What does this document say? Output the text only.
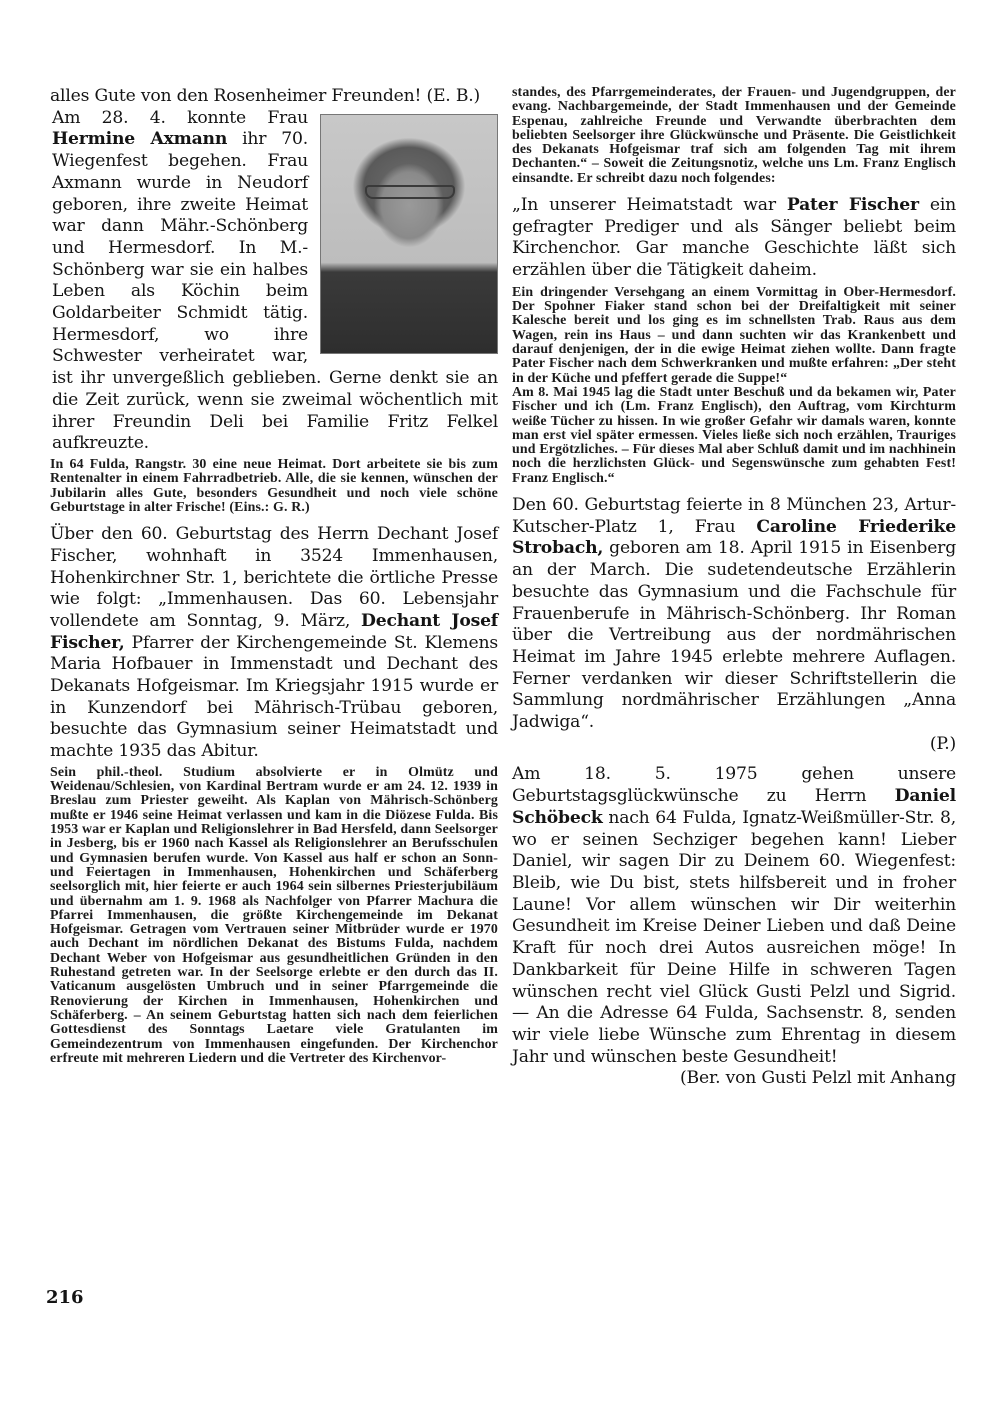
alles Gute von den Rosenheimer Freunden! (E. B.)

Am 28. 4. konnte Frau Hermine Axmann ihr 70. Wiegenfest begehen. Frau Axmann wurde in Neudorf geboren, ihre zweite Heimat war dann Mähr.-Schönberg und Hermesdorf. In M.-Schönberg war sie ein halbes Leben als Köchin beim Goldarbeiter Schmidt tätig. Hermesdorf, wo ihre Schwester verheiratet war, ist ihr unvergeßlich geblieben. Gerne denkt sie an die Zeit zurück, wenn sie zweimal wöchentlich mit ihrer Freundin Deli bei Familie Fritz Felkel aufkreuzte.

In 64 Fulda, Rangstr. 30 eine neue Heimat. Dort arbeitete sie bis zum Rentenalter in einem Fahrradbetrieb. Alle, die sie kennen, wünschen der Jubilarin alles Gute, besonders Gesundheit und noch viele schöne Geburtstage in alter Frische! (Eins.: G. R.)

Über den 60. Geburtstag des Herrn Dechant Josef Fischer, wohnhaft in 3524 Immenhausen, Hohenkirchner Str. 1, berichtete die örtliche Presse wie folgt: „Immenhausen. Das 60. Lebensjahr vollendete am Sonntag, 9. März, Dechant Josef Fischer, Pfarrer der Kirchengemeinde St. Klemens Maria Hofbauer in Immenstadt und Dechant des Dekanats Hofgeismar. Im Kriegsjahr 1915 wurde er in Kunzendorf bei Mährisch-Trübau geboren, besuchte das Gymnasium seiner Heimatstadt und machte 1935 das Abitur.

Sein phil.-theol. Studium absolvierte er in Olmütz und Weidenau/Schlesien, von Kardinal Bertram wurde er am 24. 12. 1939 in Breslau zum Priester geweiht. Als Kaplan von Mährisch-Schönberg mußte er 1946 seine Heimat verlassen und kam in die Diözese Fulda. Bis 1953 war er Kaplan und Religionslehrer in Bad Hersfeld, dann Seelsorger in Jesberg, bis er 1960 nach Kassel als Religionslehrer an Berufsschulen und Gymnasien berufen wurde. Von Kassel aus half er schon an Sonn- und Feiertagen in Immenhausen, Hohenkirchen und Schäferberg seelsorglich mit, hier feierte er auch 1964 sein silbernes Priesterjubiläum und übernahm am 1. 9. 1968 als Nachfolger von Pfarrer Machura die Pfarrei Immenhausen, die größte Kirchengemeinde im Dekanat Hofgeismar. Getragen vom Vertrauen seiner Mitbrüder wurde er 1970 auch Dechant im nördlichen Dekanat des Bistums Fulda, nachdem Dechant Weber von Hofgeismar aus gesundheitlichen Gründen in den Ruhestand getreten war. In der Seelsorge erlebte er den durch das II. Vaticanum ausgelösten Umbruch und in seiner Pfarrgemeinde die Renovierung der Kirchen in Immenhausen, Hohenkirchen und Schäferberg. – An seinem Geburtstag hatten sich nach dem feierlichen Gottesdienst des Sonntags Laetare viele Gratulanten im Gemeindezentrum von Immenhausen eingefunden. Der Kirchenchor erfreute mit mehreren Liedern und die Vertreter des Kirchenvor-

standes, des Pfarrgemeinderates, der Frauen- und Jugendgruppen, der evang. Nachbargemeinde, der Stadt Immenhausen und der Gemeinde Espenau, zahlreiche Freunde und Verwandte überbrachten dem beliebten Seelsorger ihre Glückwünsche und Präsente. Die Geistlichkeit des Dekanats Hofgeismar traf sich am folgenden Tag mit ihrem Dechanten.“ – Soweit die Zeitungsnotiz, welche uns Lm. Franz Englisch einsandte. Er schreibt dazu noch folgendes:

„In unserer Heimatstadt war Pater Fischer ein gefragter Prediger und als Sänger beliebt beim Kirchenchor. Gar manche Geschichte läßt sich erzählen über die Tätigkeit daheim.

Ein dringender Versehgang an einem Vormittag in Ober-Hermesdorf. Der Spohner Fiaker stand schon bei der Dreifaltigkeit mit seiner Kalesche bereit und los ging es im schnellsten Trab. Raus aus dem Wagen, rein ins Haus – und dann suchten wir das Krankenbett und darauf denjenigen, der in die ewige Heimat ziehen wollte. Dann fragte Pater Fischer nach dem Schwerkranken und mußte erfahren: „Der steht in der Küche und pfeffert gerade die Suppe!“

Am 8. Mai 1945 lag die Stadt unter Beschuß und da bekamen wir, Pater Fischer und ich (Lm. Franz Englisch), den Auftrag, vom Kirchturm weiße Tücher zu hissen. In wie großer Gefahr wir damals waren, konnte man erst viel später ermessen. Vieles ließe sich noch erzählen, Trauriges und Ergötzliches. – Für dieses Mal aber Schluß damit und im nachhinein noch die herzlichsten Glück- und Segenswünsche zum gehabten Fest! Franz Englisch.“

Den 60. Geburtstag feierte in 8 München 23, Artur-Kutscher-Platz 1, Frau Caroline Friederike Strobach, geboren am 18. April 1915 in Eisenberg an der March. Die sudetendeutsche Erzählerin besuchte das Gymnasium und die Fachschule für Frauenberufe in Mährisch-Schönberg. Ihr Roman über die Vertreibung aus der nordmährischen Heimat im Jahre 1945 erlebte mehrere Auflagen. Ferner verdanken wir dieser Schriftstellerin die Sammlung nordmährischer Erzählungen „Anna Jadwiga“.

(P.)

Am 18. 5. 1975 gehen unsere Geburtstagsglückwünsche zu Herrn Daniel Schöbeck nach 64 Fulda, Ignatz-Weißmüller-Str. 8, wo er seinen Sechziger begehen kann! Lieber Daniel, wir sagen Dir zu Deinem 60. Wiegenfest: Bleib, wie Du bist, stets hilfsbereit und in froher Laune! Vor allem wünschen wir Dir weiterhin Gesundheit im Kreise Deiner Lieben und daß Deine Kraft für noch drei Autos ausreichen möge! In Dankbarkeit für Deine Hilfe in schweren Tagen wünschen recht viel Glück Gusti Pelzl und Sigrid. — An die Adresse 64 Fulda, Sachsenstr. 8, senden wir viele liebe Wünsche zum Ehrentag in diesem Jahr und wünschen beste Gesundheit!

(Ber. von Gusti Pelzl mit Anhang

216
